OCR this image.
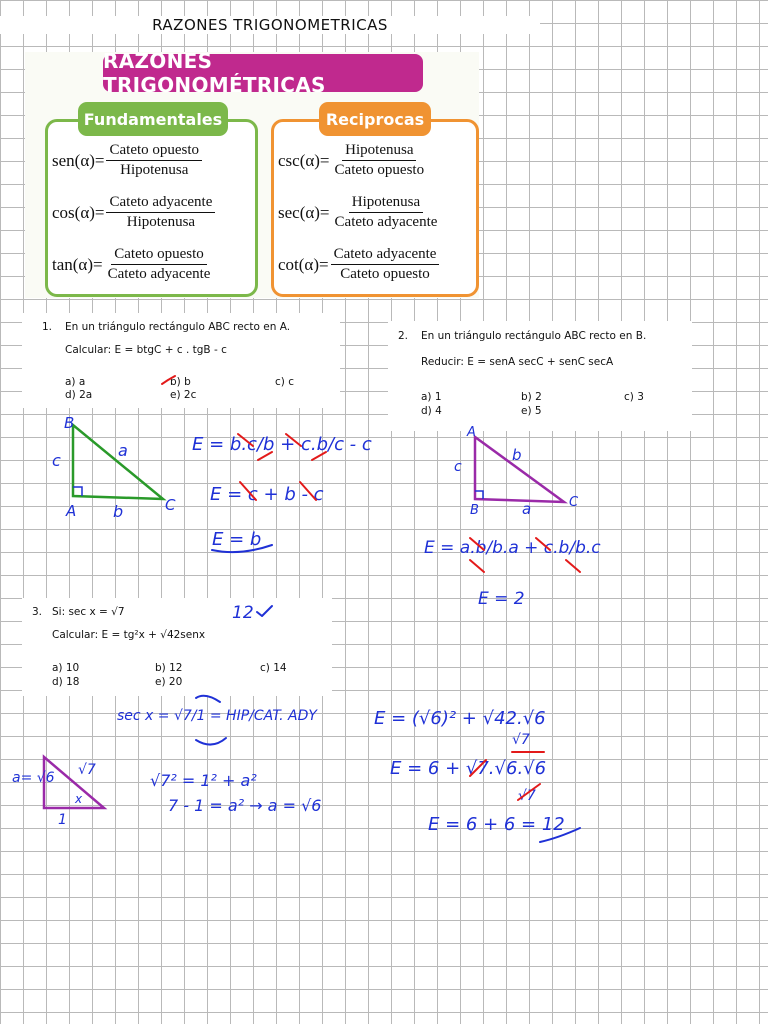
RAZONES TRIGONOMETRICAS
RAZONES TRIGONOMÉTRICAS
Fundamentales
$sen(\alpha)= \frac{\text{Cateto opuesto}}{\text{Hipotenusa}}$
$\cos(\alpha)= \frac{\text{Cateto adyacente}}{\text{Hipotenusa}}$
$\tan(\alpha)= \frac{\text{Cateto opuesto}}{\text{Cateto adyacente}}$
Reciprocas
$\csc(\alpha)= \frac{\text{Hipotenusa}}{\text{Cateto opuesto}}$
$\sec(\alpha)= \frac{\text{Hipotenusa}}{\text{Cateto adyacente}}$
$\cot(\alpha)= \frac{\text{Cateto adyacente}}{\text{Cateto opuesto}}$
1. En un triángulo rectángulo ABC recto en A.
Calcular: E = btgC + c . tgB - c
a) a	b) b	c) c
d) 2a	e) 2c
2. En un triángulo rectángulo ABC recto en B.
Reducir: E = senA secC + senC secA
a) 1	b) 2	c) 3
d) 4	e) 5
3. Si: sec x = √7
Calcular: E = tg²x + √42senx
a) 10	b) 12	c) 14
d) 18	e) 20
B
A	C
c
a
b
E = b.c/b + c.b/c - c
E = c + b - c
E = b
A
B
C
c
b
a
E = a.b/b.a + c.b/b.c
E = 2
12
sec x = √7/1 = HIP/CAT. ADY
a= √6 √7
1
x
√7² = 1² + a²
7 - 1 = a² → a = √6
E = (√6)² + √42.√6
√7
E = 6 + √7.√6.√6
√7
E = 6 + 6 = 12
